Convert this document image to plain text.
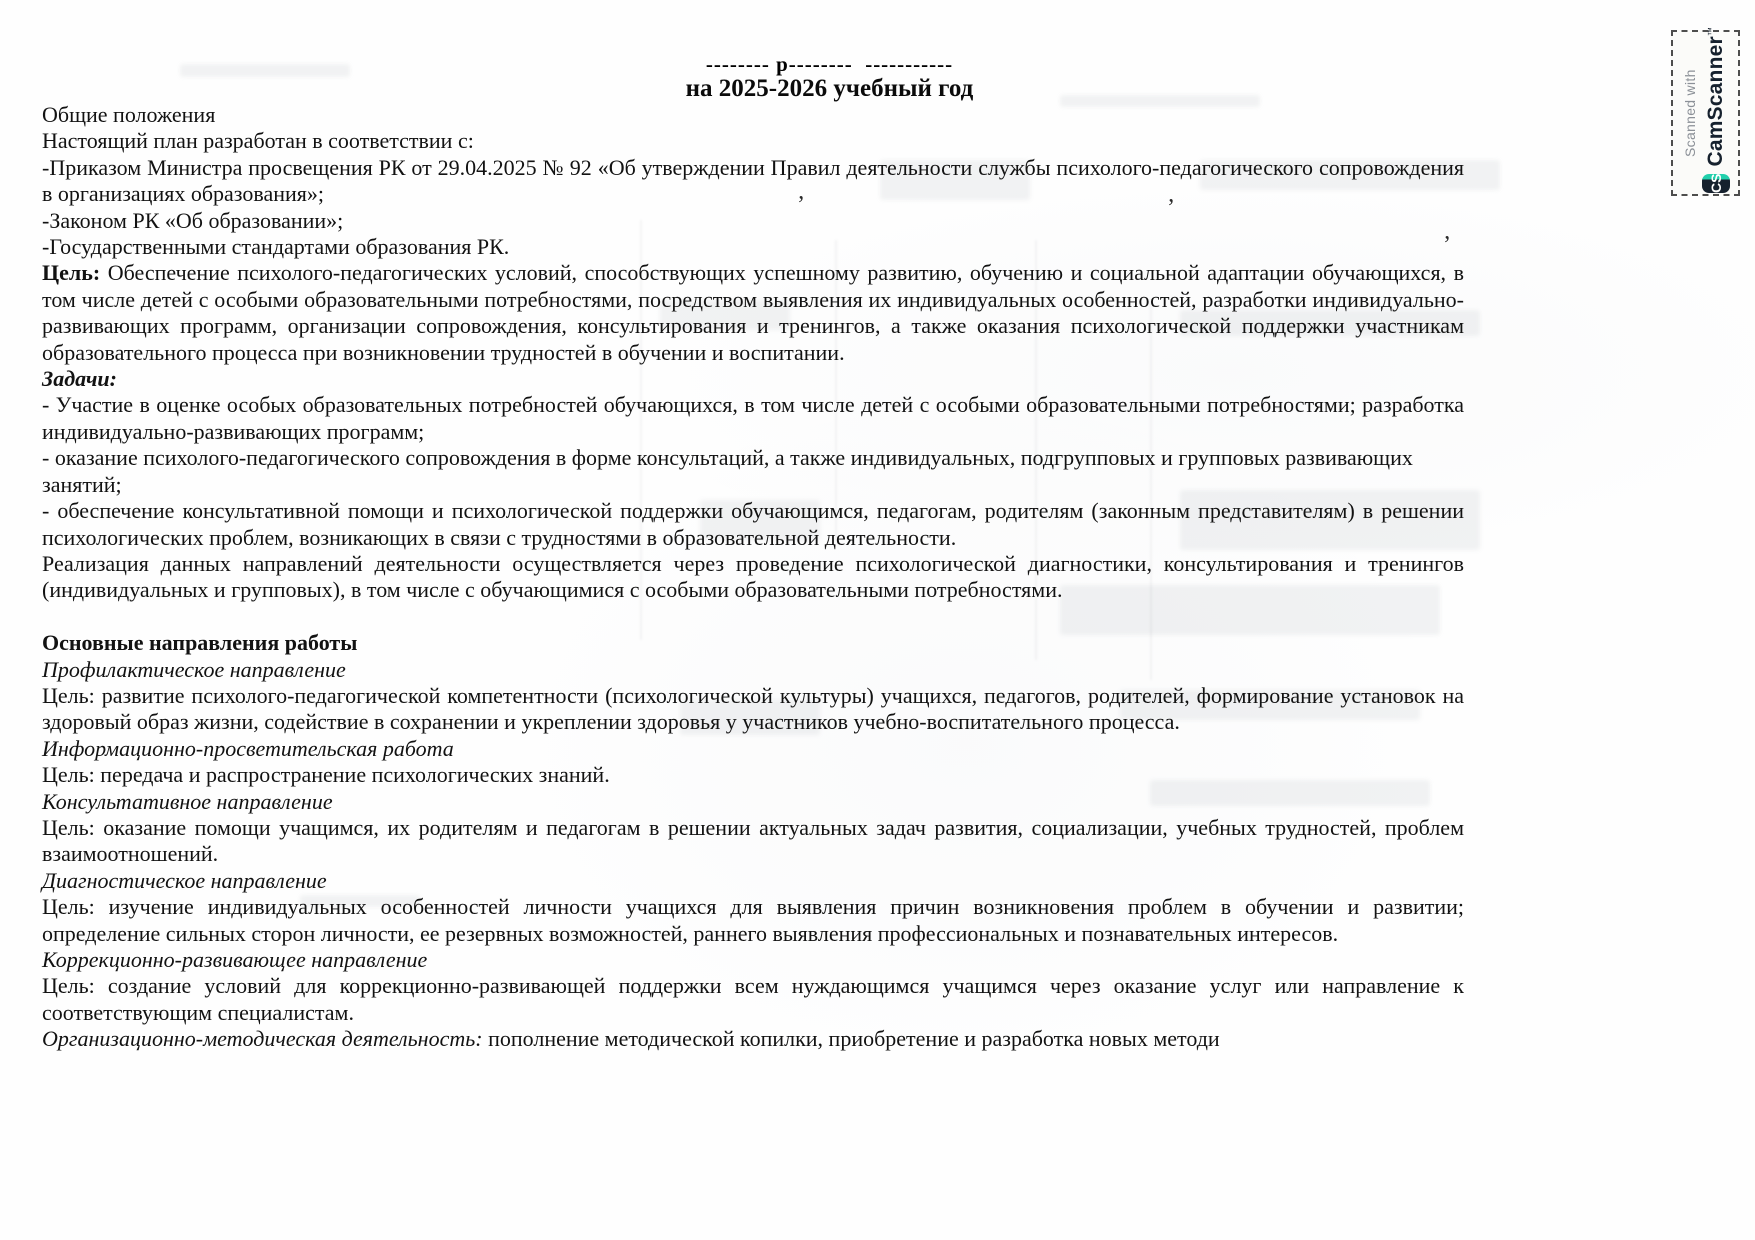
’	’
’
-------- р--------  -----------
на 2025-2026 учебный год

Общие положения

Настоящий план разработан в соответствии с:

-Приказом Министра просвещения РК от 29.04.2025 № 92 «Об утверждении Правил деятельности службы психолого-педагогического сопровождения в организациях образования»;

-Законом РК «Об образовании»;

-Государственными стандартами образования РК.

Цель: Обеспечение психолого-педагогических условий, способствующих успешному развитию, обучению и социальной адаптации обучающихся, в том числе детей с особыми образовательными потребностями, посредством выявления их индивидуальных особенностей, разработки индивидуально-развивающих программ, организации сопровождения, консультирования и тренингов, а также оказания психологической поддержки участникам образовательного процесса при возникновении трудностей в обучении и воспитании.

Задачи:

- Участие в оценке особых образовательных потребностей обучающихся, в том числе детей с особыми образовательными потребностями; разработка индивидуально-развивающих программ;

- оказание психолого-педагогического сопровождения в форме консультаций, а также индивидуальных, подгрупповых и групповых развивающих занятий;

- обеспечение консультативной помощи и психологической поддержки обучающимся, педагогам, родителям (законным представителям) в решении психологических проблем, возникающих в связи с трудностями в образовательной деятельности.

Реализация данных направлений деятельности осуществляется через проведение психологической диагностики, консультирования и тренингов (индивидуальных и групповых), в том числе с обучающимися с особыми образовательными потребностями.

Основные направления работы

Профилактическое направление

Цель: развитие психолого-педагогической компетентности (психологической культуры) учащихся, педагогов, родителей, формирование установок на здоровый образ жизни, содействие в сохранении и укреплении здоровья у участников учебно-воспитательного процесса.

Информационно-просветительская работа

Цель: передача и распространение психологических знаний.

Консультативное направление

Цель: оказание помощи учащимся, их родителям и педагогам в решении актуальных задач развития, социализации, учебных трудностей, проблем взаимоотношений.

Диагностическое направление

Цель: изучение индивидуальных особенностей личности учащихся для выявления причин возникновения проблем в обучении и развитии; определение сильных сторон личности, ее резервных возможностей, раннего выявления профессиональных и познавательных интересов.

Коррекционно-развивающее направление

Цель: создание условий для коррекционно-развивающей поддержки всем нуждающимся учащимся через оказание услуг или направление к соответствующим специалистам.

Организационно-методическая деятельность: пополнение методической копилки, приобретение и разработка новых методи

Scanned with
CS
CamScanner™
